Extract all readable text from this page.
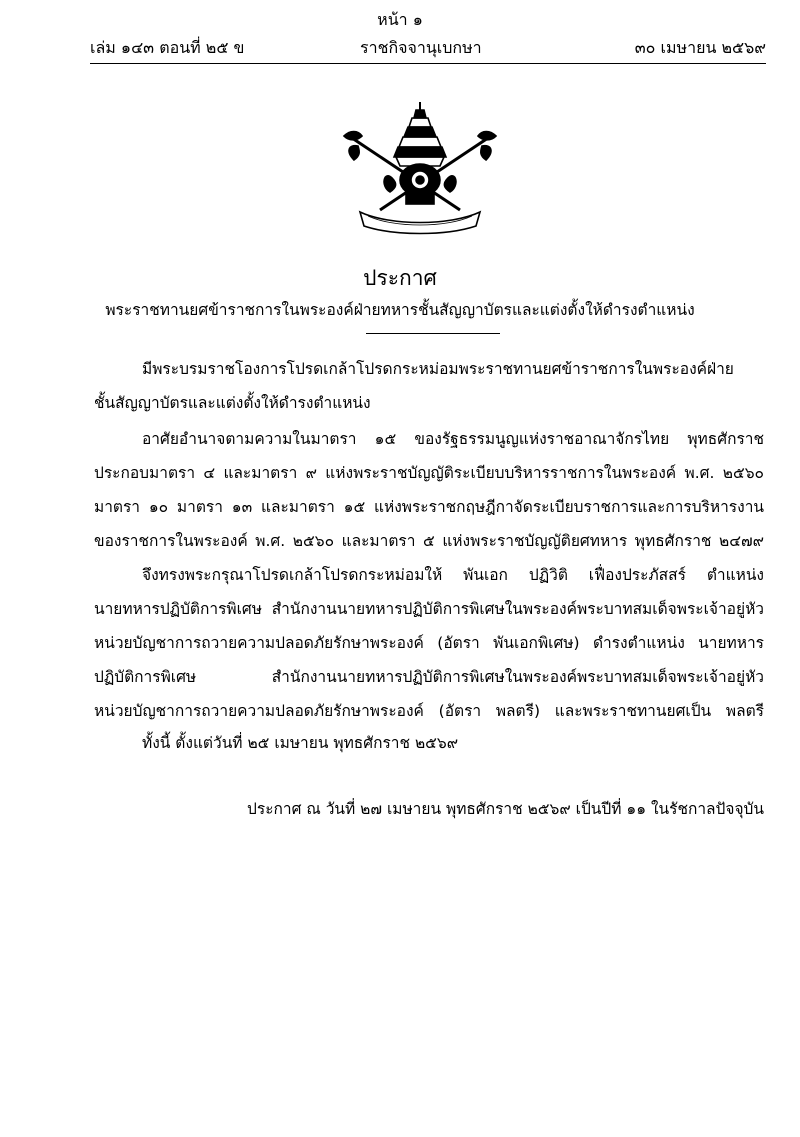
หน้า ๑
เล่ม ๑๔๓ ตอนที่ ๒๕ ข	ราชกิจจานุเบกษา	๓๐ เมษายน ๒๕๖๙
ประกาศ
พระราชทานยศข้าราชการในพระองค์ฝ่ายทหารชั้นสัญญาบัตรและแต่งตั้งให้ดำรงตำแหน่ง
มีพระบรมราชโองการโปรดเกล้าโปรดกระหม่อมพระราชทานยศข้าราชการในพระองค์ฝ่าย
ชั้นสัญญาบัตรและแต่งตั้งให้ดำรงตำแหน่ง
อาศัยอำนาจตามความในมาตรา ๑๕ ของรัฐธรรมนูญแห่งราชอาณาจักรไทย พุทธศักราช
ประกอบมาตรา ๔ และมาตรา ๙ แห่งพระราชบัญญัติระเบียบบริหารราชการในพระองค์ พ.ศ. ๒๕๖๐
มาตรา ๑๐ มาตรา ๑๓ และมาตรา ๑๕ แห่งพระราชกฤษฎีกาจัดระเบียบราชการและการบริหารงาน
ของราชการในพระองค์ พ.ศ. ๒๕๖๐ และมาตรา ๕ แห่งพระราชบัญญัติยศทหาร พุทธศักราช ๒๔๗๙
จึงทรงพระกรุณาโปรดเกล้าโปรดกระหม่อมให้ พันเอก ปฏิวิติ เฟื่องประภัสสร์ ตำแหน่ง
นายทหารปฏิบัติการพิเศษ สำนักงานนายทหารปฏิบัติการพิเศษในพระองค์พระบาทสมเด็จพระเจ้าอยู่หัว
หน่วยบัญชาการถวายความปลอดภัยรักษาพระองค์ (อัตรา พันเอกพิเศษ) ดำรงตำแหน่ง นายทหาร
ปฏิบัติการพิเศษ สำนักงานนายทหารปฏิบัติการพิเศษในพระองค์พระบาทสมเด็จพระเจ้าอยู่หัว
หน่วยบัญชาการถวายความปลอดภัยรักษาพระองค์ (อัตรา พลตรี) และพระราชทานยศเป็น พลตรี
ทั้งนี้ ตั้งแต่วันที่ ๒๕ เมษายน พุทธศักราช ๒๕๖๙
ประกาศ ณ วันที่ ๒๗ เมษายน พุทธศักราช ๒๕๖๙ เป็นปีที่ ๑๑ ในรัชกาลปัจจุบัน
